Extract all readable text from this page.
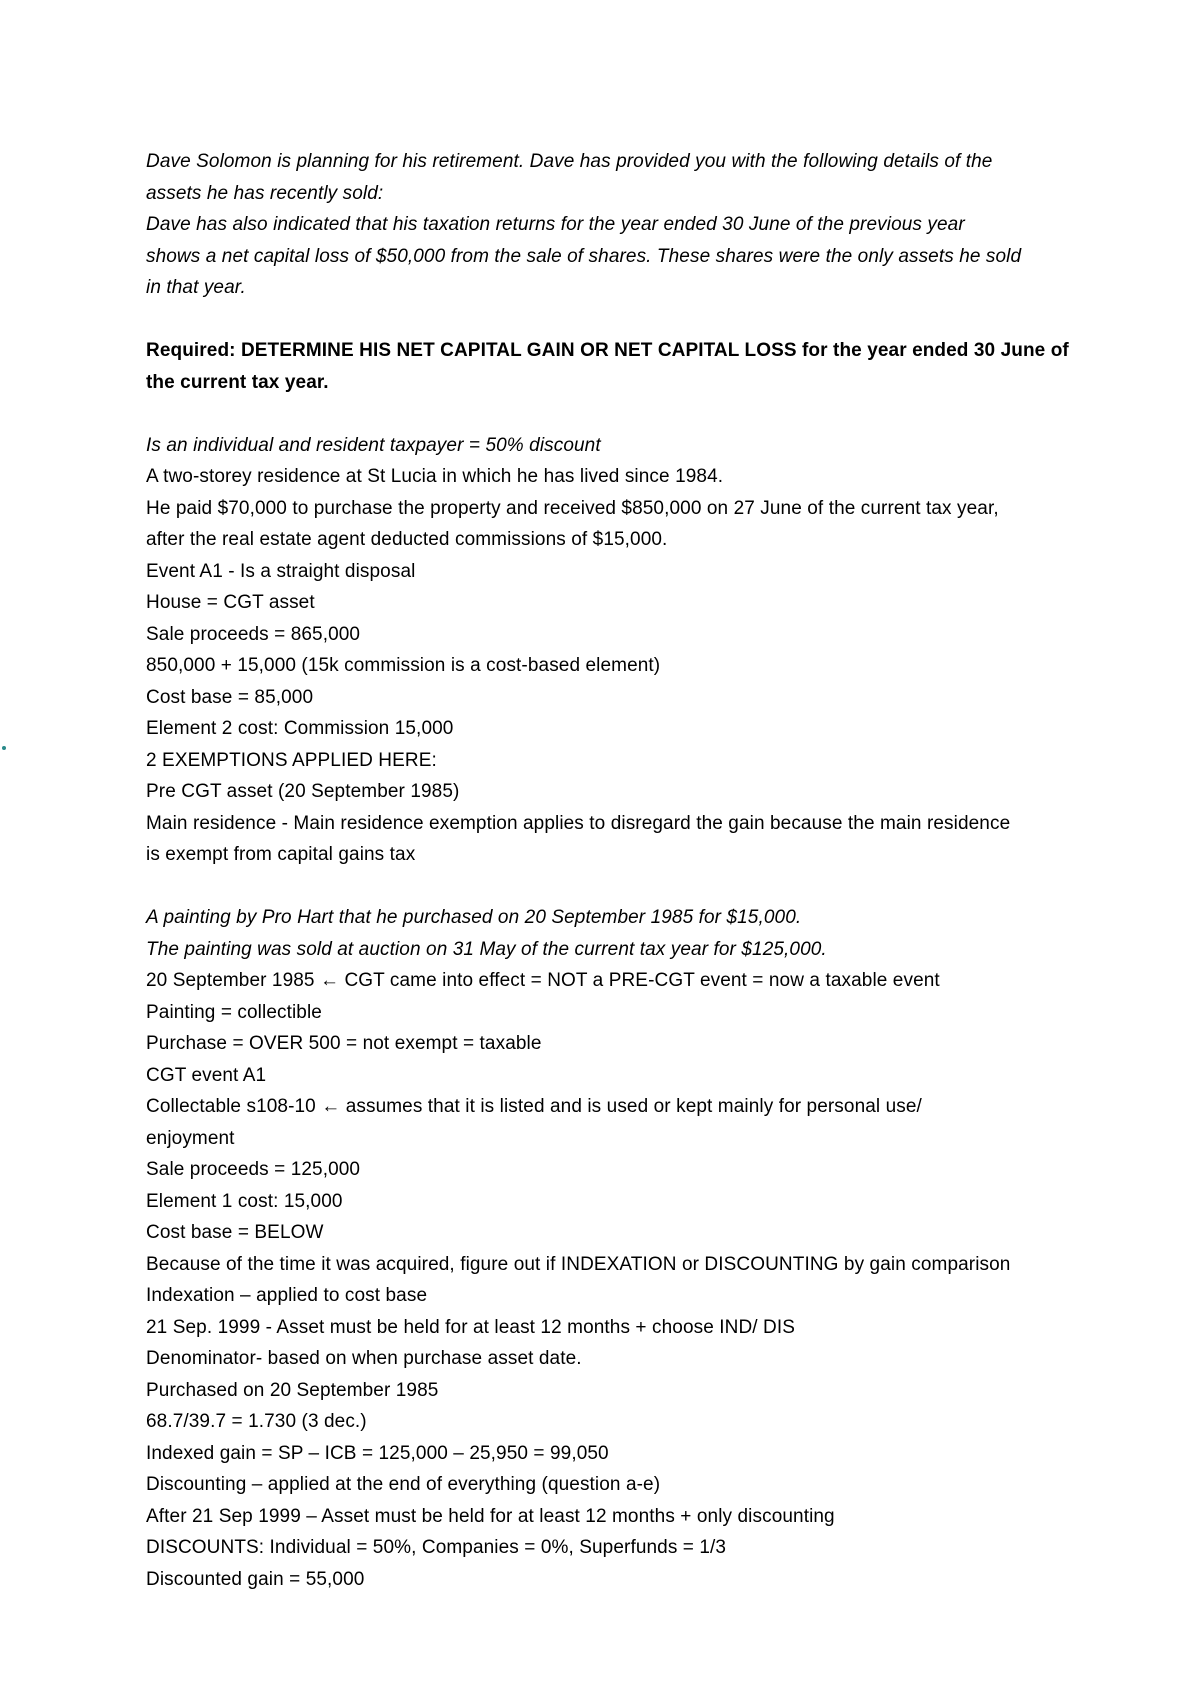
Dave Solomon is planning for his retirement. Dave has provided you with the following details of the
assets he has recently sold:
Dave has also indicated that his taxation returns for the year ended 30 June of the previous year
shows a net capital loss of $50,000 from the sale of shares. These shares were the only assets he sold
in that year.
Required: DETERMINE HIS NET CAPITAL GAIN OR NET CAPITAL LOSS for the year ended 30 June of
the current tax year.
Is an individual and resident taxpayer = 50% discount
A two-storey residence at St Lucia in which he has lived since 1984.
He paid $70,000 to purchase the property and received $850,000 on 27 June of the current tax year,
after the real estate agent deducted commissions of $15,000.
Event A1 - Is a straight disposal
House = CGT asset
Sale proceeds = 865,000
850,000 + 15,000 (15k commission is a cost-based element)
Cost base = 85,000
Element 2 cost: Commission 15,000
2 EXEMPTIONS APPLIED HERE:
Pre CGT asset (20 September 1985)
Main residence - Main residence exemption applies to disregard the gain because the main residence
is exempt from capital gains tax
A painting by Pro Hart that he purchased on 20 September 1985 for $15,000.
The painting was sold at auction on 31 May of the current tax year for $125,000.
20 September 1985 ← CGT came into effect = NOT a PRE-CGT event = now a taxable event
Painting = collectible
Purchase = OVER 500 = not exempt = taxable
CGT event A1
Collectable s108-10 ← assumes that it is listed and is used or kept mainly for personal use/
enjoyment
Sale proceeds = 125,000
Element 1 cost: 15,000
Cost base = BELOW
Because of the time it was acquired, figure out if INDEXATION or DISCOUNTING by gain comparison
Indexation – applied to cost base
21 Sep. 1999 - Asset must be held for at least 12 months + choose IND/ DIS
Denominator- based on when purchase asset date.
Purchased on 20 September 1985
68.7/39.7 = 1.730 (3 dec.)
Indexed gain = SP – ICB = 125,000 – 25,950 = 99,050
Discounting – applied at the end of everything (question a-e)
After 21 Sep 1999 – Asset must be held for at least 12 months + only discounting
DISCOUNTS: Individual = 50%, Companies = 0%, Superfunds = 1/3
Discounted gain = 55,000
